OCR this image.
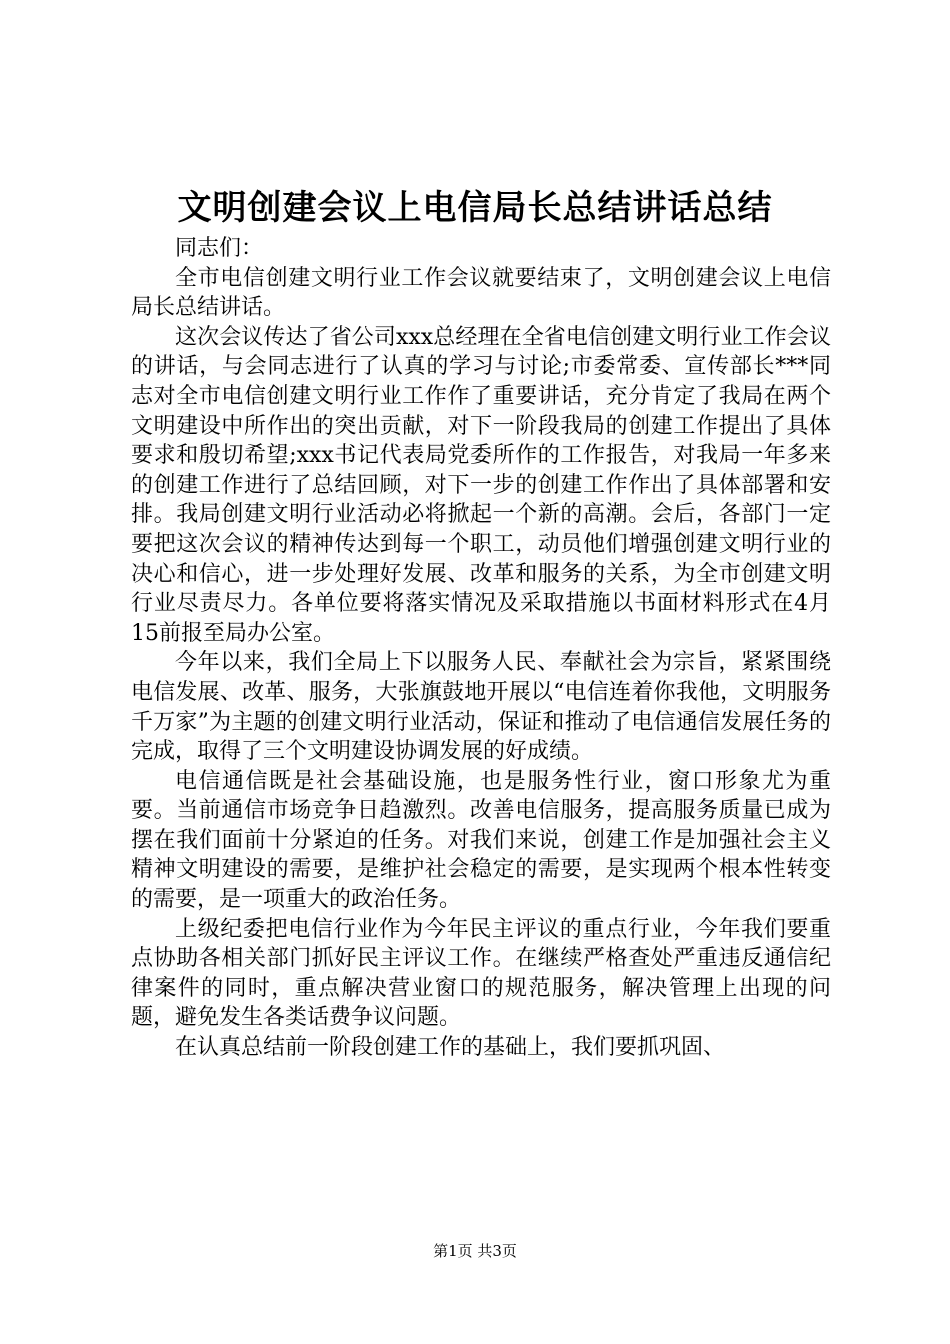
文明创建会议上电信局长总结讲话总结

同志们：

全市电信创建文明行业工作会议就要结束了，文明创建会议上电信局长总结讲话。

这次会议传达了省公司xxx总经理在全省电信创建文明行业工作会议的讲话，与会同志进行了认真的学习与讨论;市委常委、宣传部长***同志对全市电信创建文明行业工作作了重要讲话，充分肯定了我局在两个文明建设中所作出的突出贡献，对下一阶段我局的创建工作提出了具体要求和殷切希望;xxx书记代表局党委所作的工作报告，对我局一年多来的创建工作进行了总结回顾，对下一步的创建工作作出了具体部署和安排。我局创建文明行业活动必将掀起一个新的高潮。会后，各部门一定要把这次会议的精神传达到每一个职工，动员他们增强创建文明行业的决心和信心，进一步处理好发展、改革和服务的关系，为全市创建文明行业尽责尽力。各单位要将落实情况及采取措施以书面材料形式在4月15前报至局办公室。

今年以来，我们全局上下以服务人民、奉献社会为宗旨，紧紧围绕电信发展、改革、服务，大张旗鼓地开展以“电信连着你我他，文明服务千万家”为主题的创建文明行业活动，保证和推动了电信通信发展任务的完成，取得了三个文明建设协调发展的好成绩。

电信通信既是社会基础设施，也是服务性行业，窗口形象尤为重要。当前通信市场竞争日趋激烈。改善电信服务，提高服务质量已成为摆在我们面前十分紧迫的任务。对我们来说，创建工作是加强社会主义精神文明建设的需要，是维护社会稳定的需要，是实现两个根本性转变的需要，是一项重大的政治任务。

上级纪委把电信行业作为今年民主评议的重点行业，今年我们要重点协助各相关部门抓好民主评议工作。在继续严格查处严重违反通信纪律案件的同时，重点解决营业窗口的规范服务，解决管理上出现的问题，避免发生各类话费争议问题。

在认真总结前一阶段创建工作的基础上，我们要抓巩固、

第1页 共3页
